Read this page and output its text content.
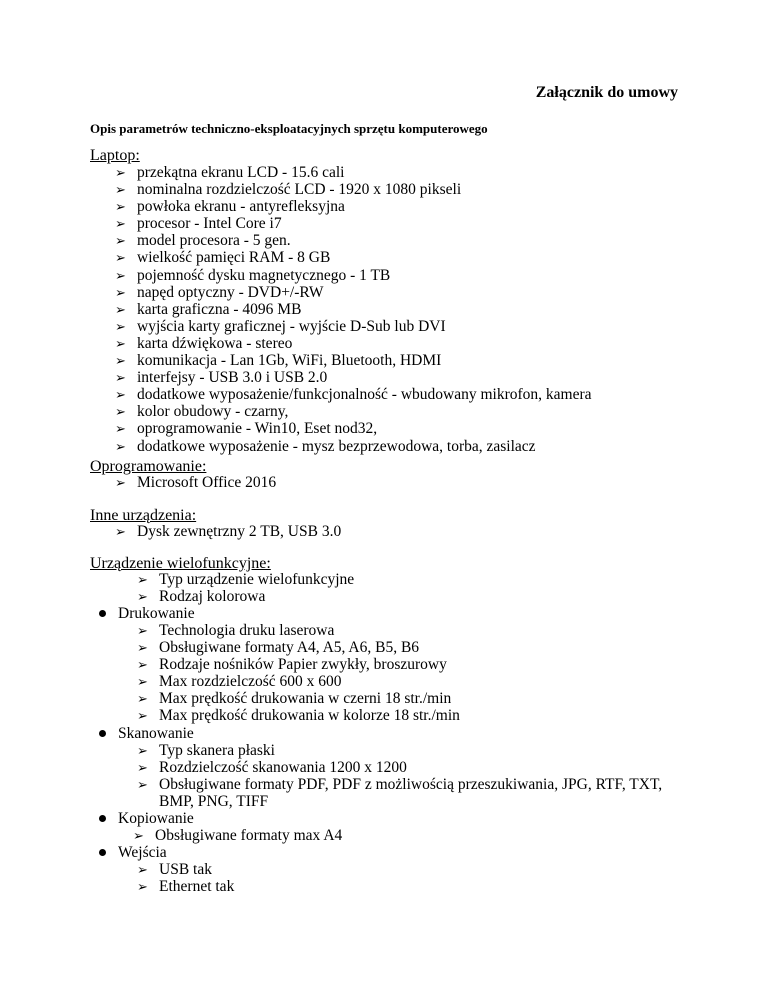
Załącznik do umowy
Opis parametrów techniczno-eksploatacyjnych sprzętu komputerowego
Laptop:
➢ przekątna ekranu LCD - 15.6 cali
➢ nominalna rozdzielczość LCD - 1920 x 1080 pikseli
➢ powłoka ekranu - antyrefleksyjna
➢ procesor - Intel Core i7
➢ model procesora - 5 gen.
➢ wielkość pamięci RAM - 8 GB
➢ pojemność dysku magnetycznego - 1 TB
➢ napęd optyczny - DVD+/-RW
➢ karta graficzna - 4096 MB
➢ wyjścia karty graficznej - wyjście D-Sub lub DVI
➢ karta dźwiękowa - stereo
➢ komunikacja - Lan 1Gb, WiFi, Bluetooth, HDMI
➢ interfejsy - USB 3.0 i USB 2.0
➢ dodatkowe wyposażenie/funkcjonalność - wbudowany mikrofon, kamera
➢ kolor obudowy - czarny,
➢ oprogramowanie - Win10, Eset nod32,
➢ dodatkowe wyposażenie - mysz bezprzewodowa, torba, zasilacz
Oprogramowanie:
➢ Microsoft Office 2016
Inne urządzenia:
➢ Dysk zewnętrzny 2 TB, USB 3.0
Urządzenie wielofunkcyjne:
➢ Typ urządzenie wielofunkcyjne
➢ Rodzaj kolorowa
Drukowanie
➢ Technologia druku laserowa
➢ Obsługiwane formaty A4, A5, A6, B5, B6
➢ Rodzaje nośników Papier zwykły, broszurowy
➢ Max rozdzielczość 600 x 600
➢ Max prędkość drukowania w czerni 18 str./min
➢ Max prędkość drukowania w kolorze 18 str./min
Skanowanie
➢ Typ skanera płaski
➢ Rozdzielczość skanowania 1200 x 1200
➢ Obsługiwane formaty PDF, PDF z możliwością przeszukiwania, JPG, RTF, TXT,
BMP, PNG, TIFF
Kopiowanie
➢ Obsługiwane formaty max A4
Wejścia
➢ USB tak
➢ Ethernet tak
